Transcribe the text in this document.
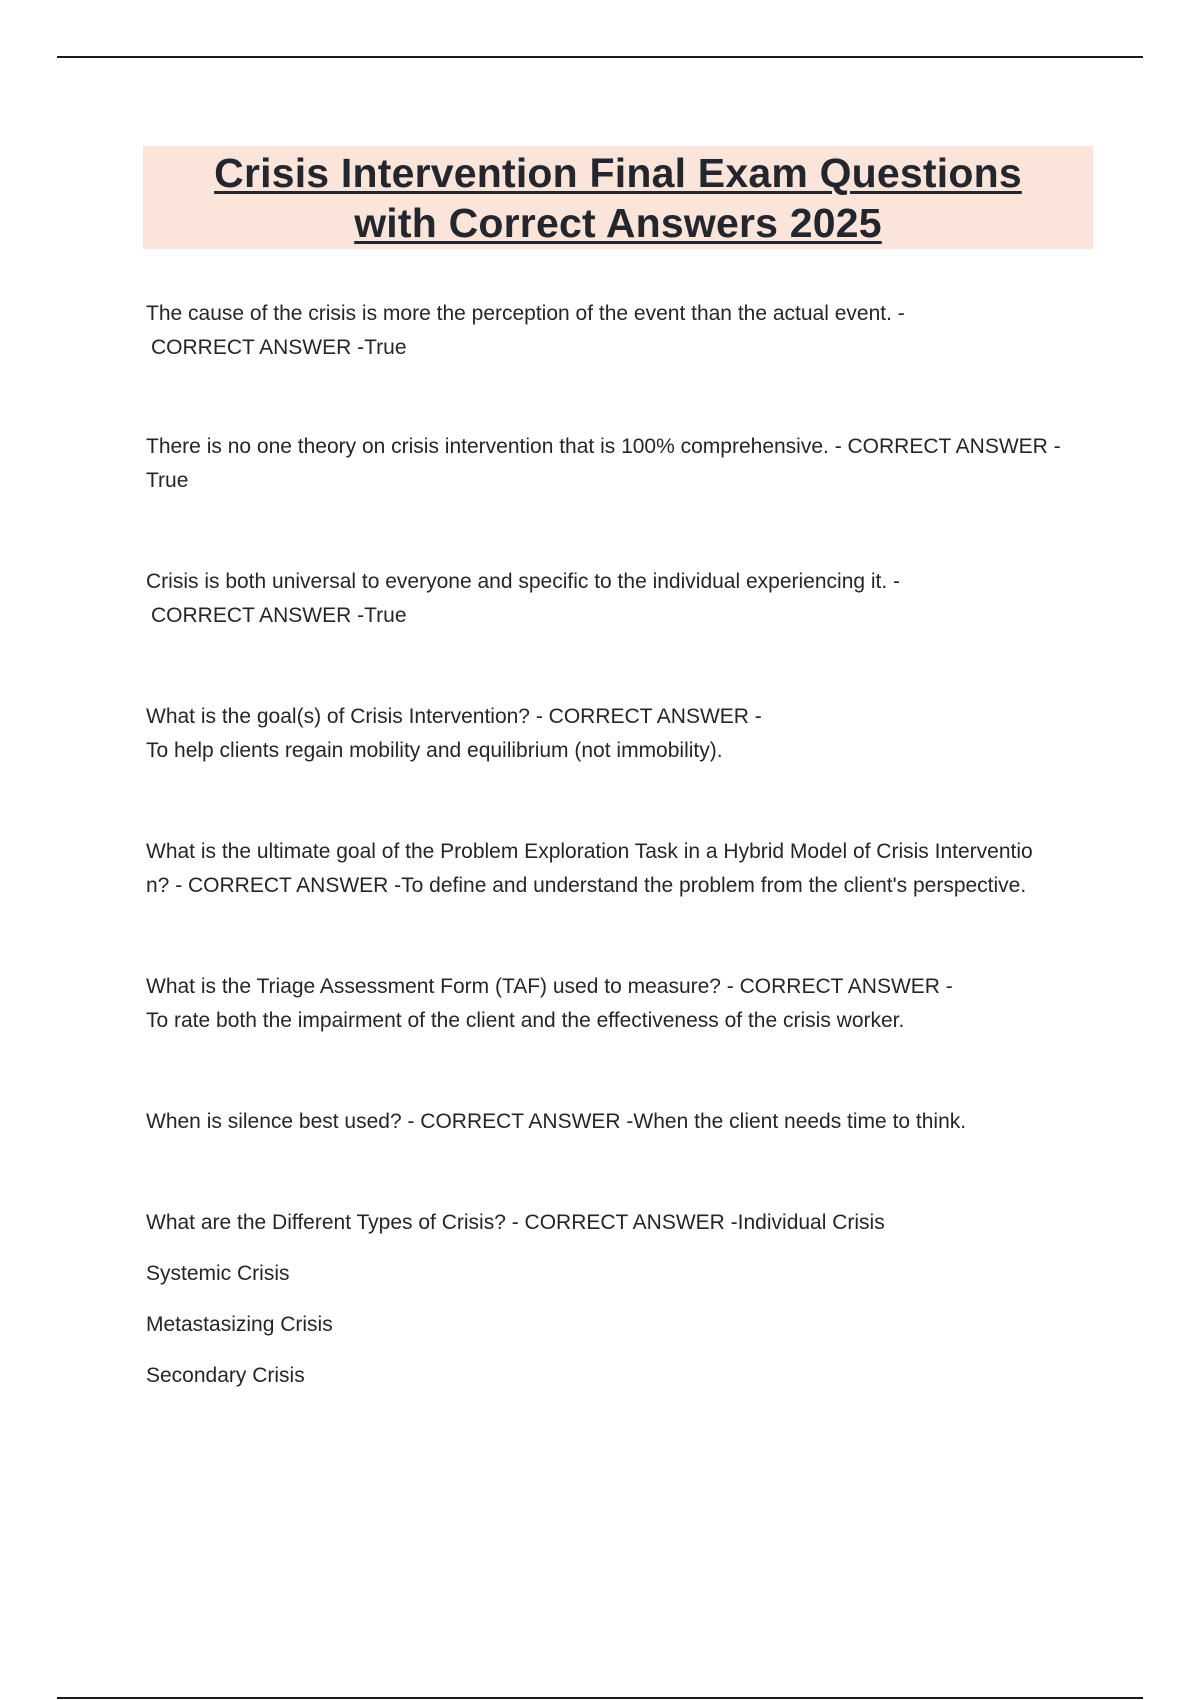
Crisis Intervention Final Exam Questions
with Correct Answers 2025

The cause of the crisis is more the perception of the event than the actual event. -

CORRECT ANSWER -True

There is no one theory on crisis intervention that is 100% comprehensive. - CORRECT ANSWER -

True

Crisis is both universal to everyone and specific to the individual experiencing it. -

CORRECT ANSWER -True

What is the goal(s) of Crisis Intervention? - CORRECT ANSWER -

To help clients regain mobility and equilibrium (not immobility).

What is the ultimate goal of the Problem Exploration Task in a Hybrid Model of Crisis Interventio

n? - CORRECT ANSWER -To define and understand the problem from the client's perspective.

What is the Triage Assessment Form (TAF) used to measure? - CORRECT ANSWER -

To rate both the impairment of the client and the effectiveness of the crisis worker.

When is silence best used? - CORRECT ANSWER -When the client needs time to think.

What are the Different Types of Crisis? - CORRECT ANSWER -Individual Crisis

Systemic Crisis
Metastasizing Crisis
Secondary Crisis
